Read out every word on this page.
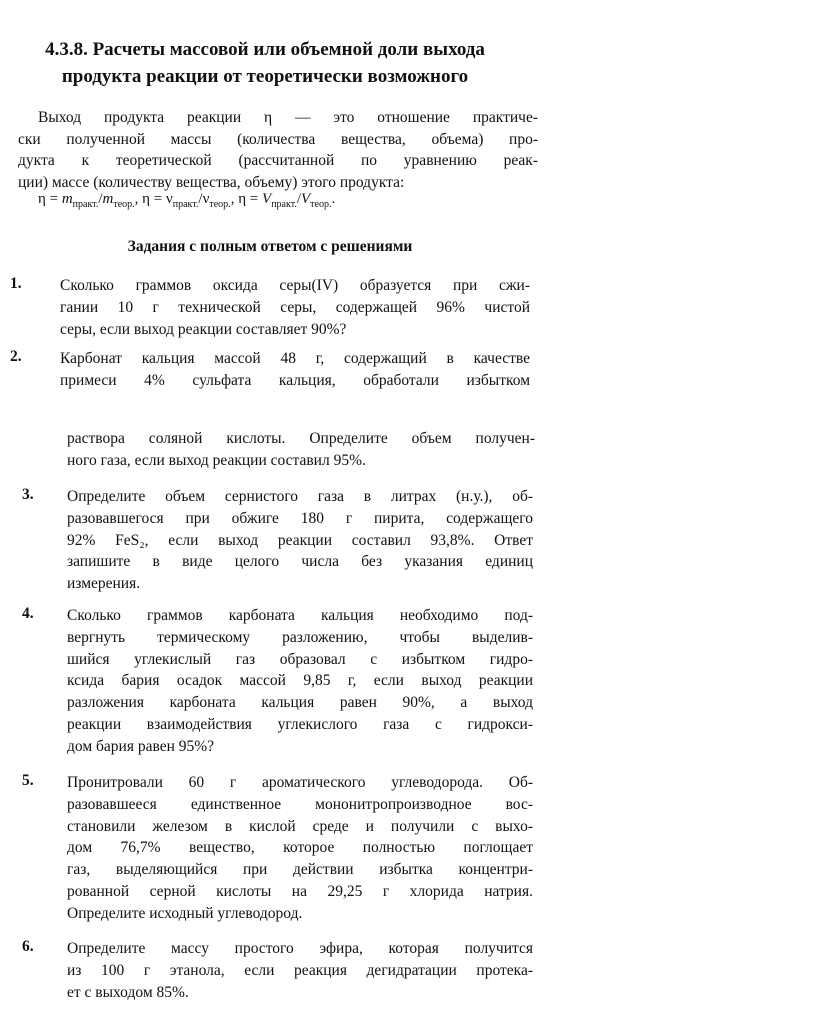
4.3.8. Расчеты массовой или объемной доли выхода
продукта реакции от теоретически возможного
Выход продукта реакции η — это отношение практиче-
ски полученной массы (количества вещества, объема) про-
дукта к теоретической (рассчитанной по уравнению реак-
ции) массе (количеству вещества, объему) этого продукта:
$\eta = m_{практ.}/m_{теор.}$, $\eta = \nu_{практ.}/\nu_{теор.}$, $\eta = V_{практ.}/V_{теор.}$.
Задания с полным ответом с решениями
1. Сколько граммов оксида серы(IV) образуется при сжи-
гании 10 г технической серы, содержащей 96% чистой
серы, если выход реакции составляет 90%?
2. Карбонат кальция массой 48 г, содержащий в качестве
примеси 4% сульфата кальция, обработали избытком
раствора соляной кислоты. Определите объем получен-
ного газа, если выход реакции составил 95%.
3. Определите объем сернистого газа в литрах (н.у.), об-
разовавшегося при обжиге 180 г пирита, содержащего
92% FeS₂, если выход реакции составил 93,8%. Ответ
запишите в виде целого числа без указания единиц
измерения.
4. Сколько граммов карбоната кальция необходимо под-
вергнуть термическому разложению, чтобы выделив-
шийся углекислый газ образовал с избытком гидро-
ксида бария осадок массой 9,85 г, если выход реакции
разложения карбоната кальция равен 90%, а выход
реакции взаимодействия углекислого газа с гидрокси-
дом бария равен 95%?
5. Пронитровали 60 г ароматического углеводорода. Об-
разовавшееся единственное мононитропроизводное вос-
становили железом в кислой среде и получили с выхо-
дом 76,7% вещество, которое полностью поглощает
газ, выделяющийся при действии избытка концентри-
рованной серной кислоты на 29,25 г хлорида натрия.
Определите исходный углеводород.
6. Определите массу простого эфира, которая получится
из 100 г этанола, если реакция дегидратации протека-
ет с выходом 85%.
